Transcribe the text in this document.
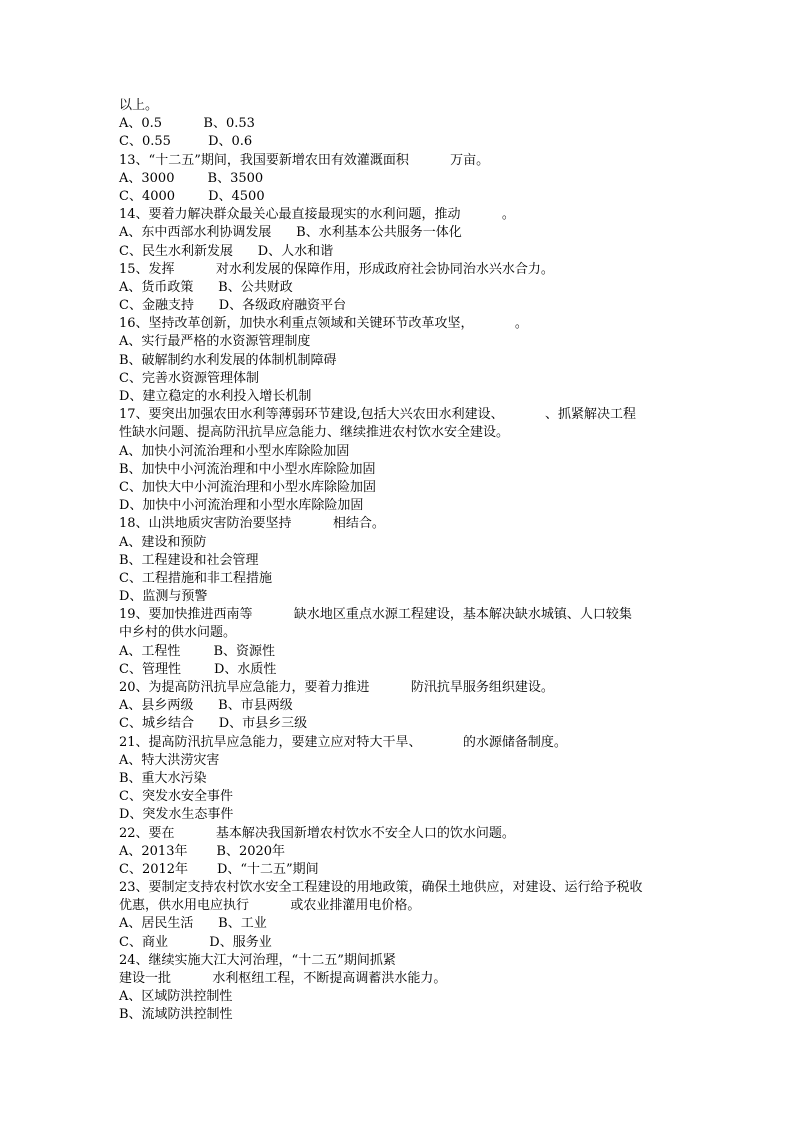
以上。
A、0.5          B、0.53
C、0.55         D、0.6
13、“十二五”期间，我国要新增农田有效灌溉面积          万亩。
A、3000        B、3500
C、4000        D、4500
14、要着力解决群众最关心最直接最现实的水利问题，推动          。
A、东中西部水利协调发展      B、水利基本公共服务一体化
C、民生水利新发展      D、人水和谐
15、发挥          对水利发展的保障作用，形成政府社会协同治水兴水合力。
A、货币政策      B、公共财政
C、金融支持      D、各级政府融资平台
16、坚持改革创新，加快水利重点领域和关键环节改革攻坚，          。
A、实行最严格的水资源管理制度
B、破解制约水利发展的体制机制障碍
C、完善水资源管理体制
D、建立稳定的水利投入增长机制
17、要突出加强农田水利等薄弱环节建设,包括大兴农田水利建设、          、抓紧解决工程
性缺水问题、提高防汛抗旱应急能力、继续推进农村饮水安全建设。
A、加快小河流治理和小型水库除险加固
B、加快中小河流治理和中小型水库除险加固
C、加快大中小河流治理和小型水库除险加固
D、加快中小河流治理和小型水库除险加固
18、山洪地质灾害防治要坚持          相结合。
A、建设和预防
B、工程建设和社会管理
C、工程措施和非工程措施
D、监测与预警
19、要加快推进西南等          缺水地区重点水源工程建设，基本解决缺水城镇、人口较集
中乡村的供水问题。
A、工程性        B、资源性
C、管理性        D、水质性
20、为提高防汛抗旱应急能力，要着力推进          防汛抗旱服务组织建设。
A、县乡两级      B、市县两级
C、城乡结合      D、市县乡三级
21、提高防汛抗旱应急能力，要建立应对特大干旱、          的水源储备制度。
A、特大洪涝灾害
B、重大水污染
C、突发水安全事件
D、突发水生态事件
22、要在          基本解决我国新增农村饮水不安全人口的饮水问题。
A、2013年       B、2020年
C、2012年       D、“十二五”期间
23、要制定支持农村饮水安全工程建设的用地政策，确保土地供应，对建设、运行给予税收
优惠，供水用电应执行          或农业排灌用电价格。
A、居民生活      B、工业
C、商业          D、服务业
24、继续实施大江大河治理，“十二五”期间抓紧
建设一批          水利枢纽工程，不断提高调蓄洪水能力。
A、区域防洪控制性
B、流域防洪控制性
